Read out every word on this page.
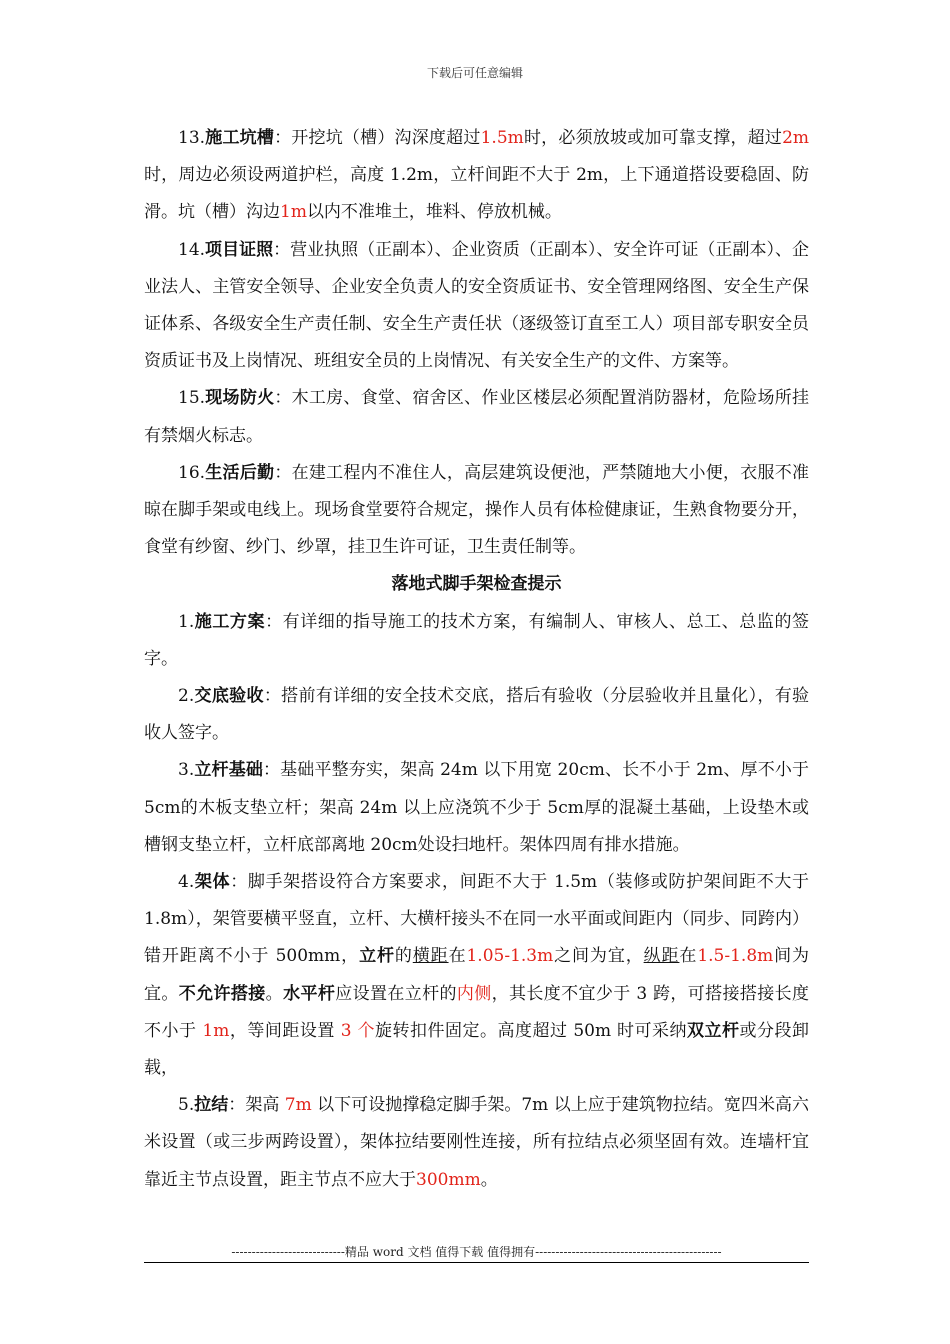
下载后可任意编辑

13.施工坑槽：开挖坑（槽）沟深度超过1.5m时，必须放坡或加可靠支撑，超过2m时，周边必须设两道护栏，高度 1.2m，立杆间距不大于 2m，上下通道搭设要稳固、防滑。坑（槽）沟边1m以内不准堆土，堆料、停放机械。

14.项目证照：营业执照（正副本）、企业资质（正副本）、安全许可证（正副本）、企业法人、主管安全领导、企业安全负责人的安全资质证书、安全管理网络图、安全生产保证体系、各级安全生产责任制、安全生产责任状（逐级签订直至工人）项目部专职安全员资质证书及上岗情况、班组安全员的上岗情况、有关安全生产的文件、方案等。

15.现场防火：木工房、食堂、宿舍区、作业区楼层必须配置消防器材，危险场所挂有禁烟火标志。

16.生活后勤：在建工程内不准住人，高层建筑设便池，严禁随地大小便，衣服不准晾在脚手架或电线上。现场食堂要符合规定，操作人员有体检健康证，生熟食物要分开，食堂有纱窗、纱门、纱罩，挂卫生许可证，卫生责任制等。

落地式脚手架检查提示

1.施工方案：有详细的指导施工的技术方案，有编制人、审核人、总工、总监的签字。

2.交底验收：搭前有详细的安全技术交底，搭后有验收（分层验收并且量化），有验收人签字。

3.立杆基础：基础平整夯实，架高 24m 以下用宽 20cm、长不小于 2m、厚不小于 5cm的木板支垫立杆；架高 24m 以上应浇筑不少于 5cm厚的混凝土基础，上设垫木或槽钢支垫立杆，立杆底部离地 20cm处设扫地杆。架体四周有排水措施。

4.架体：脚手架搭设符合方案要求，间距不大于 1.5m（装修或防护架间距不大于 1.8m），架管要横平竖直，立杆、大横杆接头不在同一水平面或间距内（同步、同跨内）错开距离不小于 500mm，立杆的横距在1.05-1.3m之间为宜，纵距在1.5-1.8m间为宜。不允许搭接。水平杆应设置在立杆的内侧，其长度不宜少于 3 跨，可搭接搭接长度不小于 1m，等间距设置 3 个旋转扣件固定。高度超过 50m 时可采纳双立杆或分段卸载，

5.拉结：架高 7m 以下可设抛撑稳定脚手架。7m 以上应于建筑物拉结。宽四米高六米设置（或三步两跨设置），架体拉结要刚性连接，所有拉结点必须坚固有效。连墙杆宜靠近主节点设置，距主节点不应大于300mm。

----------------------------精品 word 文档 值得下载 值得拥有----------------------------------------------
